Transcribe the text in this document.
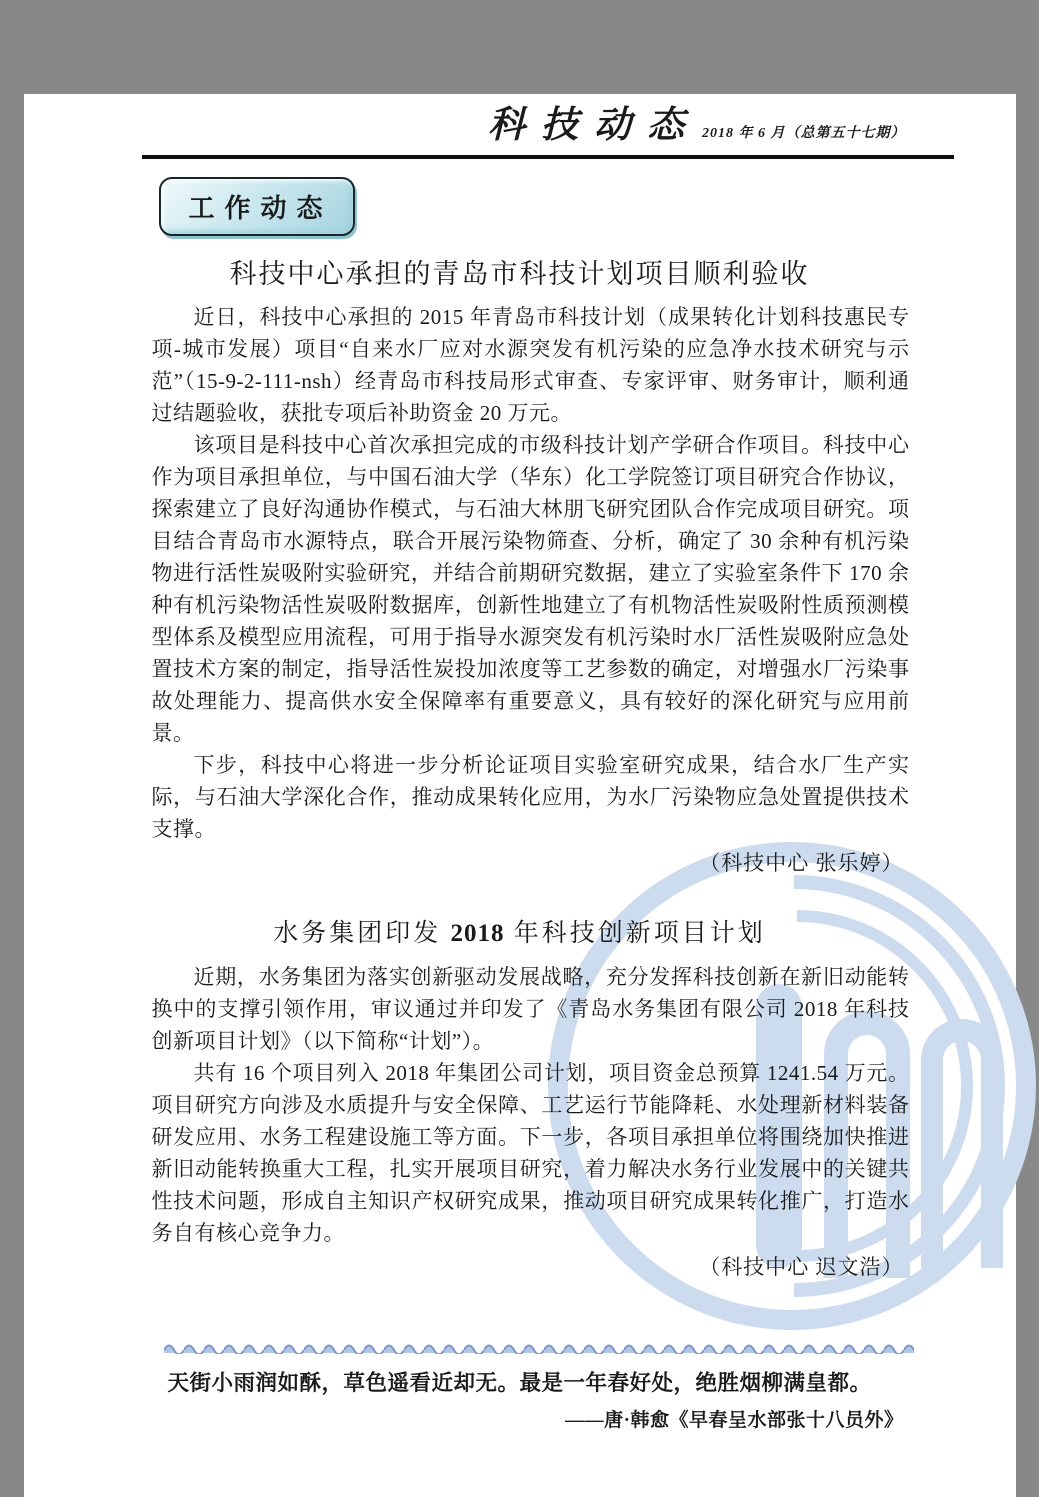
科技动态 2018 年 6 月（总第五十七期）
工作动态
科技中心承担的青岛市科技计划项目顺利验收

近日，科技中心承担的 2015 年青岛市科技计划（成果转化计划科技惠民专项-城市发展）项目“自来水厂应对水源突发有机污染的应急净水技术研究与示范”（15-9-2-111-nsh）经青岛市科技局形式审查、专家评审、财务审计，顺利通过结题验收，获批专项后补助资金 20 万元。

该项目是科技中心首次承担完成的市级科技计划产学研合作项目。科技中心作为项目承担单位，与中国石油大学（华东）化工学院签订项目研究合作协议，探索建立了良好沟通协作模式，与石油大林朋飞研究团队合作完成项目研究。项目结合青岛市水源特点，联合开展污染物筛查、分析，确定了 30 余种有机污染物进行活性炭吸附实验研究，并结合前期研究数据，建立了实验室条件下 170 余种有机污染物活性炭吸附数据库，创新性地建立了有机物活性炭吸附性质预测模型体系及模型应用流程，可用于指导水源突发有机污染时水厂活性炭吸附应急处置技术方案的制定，指导活性炭投加浓度等工艺参数的确定，对增强水厂污染事故处理能力、提高供水安全保障率有重要意义，具有较好的深化研究与应用前景。

下步，科技中心将进一步分析论证项目实验室研究成果，结合水厂生产实际，与石油大学深化合作，推动成果转化应用，为水厂污染物应急处置提供技术支撑。

（科技中心 张乐婷）
水务集团印发 2018 年科技创新项目计划

近期，水务集团为落实创新驱动发展战略，充分发挥科技创新在新旧动能转换中的支撑引领作用，审议通过并印发了《青岛水务集团有限公司 2018 年科技创新项目计划》（以下简称“计划”）。

共有 16 个项目列入 2018 年集团公司计划，项目资金总预算 1241.54 万元。项目研究方向涉及水质提升与安全保障、工艺运行节能降耗、水处理新材料装备研发应用、水务工程建设施工等方面。下一步，各项目承担单位将围绕加快推进新旧动能转换重大工程，扎实开展项目研究，着力解决水务行业发展中的关键共性技术问题，形成自主知识产权研究成果，推动项目研究成果转化推广，打造水务自有核心竞争力。

（科技中心 迟文浩）
天街小雨润如酥，草色遥看近却无。最是一年春好处，绝胜烟柳满皇都。
——唐·韩愈《早春呈水部张十八员外》
